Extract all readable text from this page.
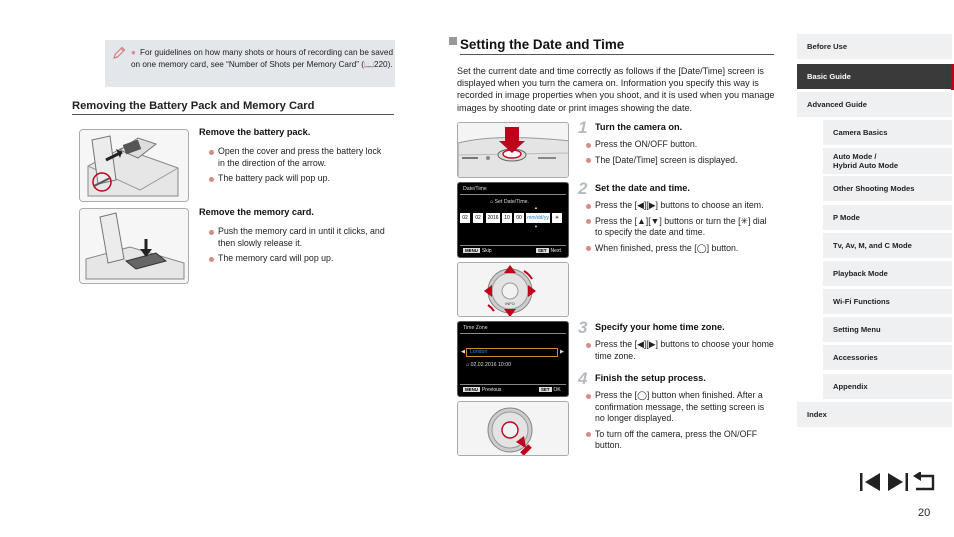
● For guidelines on how many shots or hours of recording can be saved on one memory card, see “Number of Shots per Memory Card” (📖220).
Removing the Battery Pack and Memory Card
Remove the battery pack.
Open the cover and press the battery lock in the direction of the arrow.
The battery pack will pop up.
Remove the memory card.
Push the memory card in until it clicks, and then slowly release it.
The memory card will pop up.
Setting the Date and Time
Set the current date and time correctly as follows if the [Date/Time] screen is displayed when you turn the camera on. Information you specify this way is recorded in image properties when you shoot, and it is used when you manage images by shooting date or print images showing the date.
Date/Time
⌂ Set Date/Time.
02	02	2016	10	00	mm/dd/yy	☀
▲
▼
MENU Skip	SET Next
INFO
Time Zone
◀ London	▶
⌂ 02.02.2016 10:00
MENU Previous	SET OK
1 Turn the camera on.
Press the ON/OFF button.
The [Date/Time] screen is displayed.
2 Set the date and time.
Press the [◀][▶] buttons to choose an item.
Press the [▲][▼] buttons or turn the [✳] dial to specify the date and time.
When finished, press the [◯] button.
3 Specify your home time zone.
Press the [◀][▶] buttons to choose your home time zone.
4 Finish the setup process.
Press the [◯] button when finished. After a confirmation message, the setting screen is no longer displayed.
To turn off the camera, press the ON/OFF button.
Before Use
Basic Guide
Advanced Guide
Camera Basics
Auto Mode /
Hybrid Auto Mode
Other Shooting Modes
P Mode
Tv, Av, M, and C Mode
Playback Mode
Wi-Fi Functions
Setting Menu
Accessories
Appendix
Index
20
